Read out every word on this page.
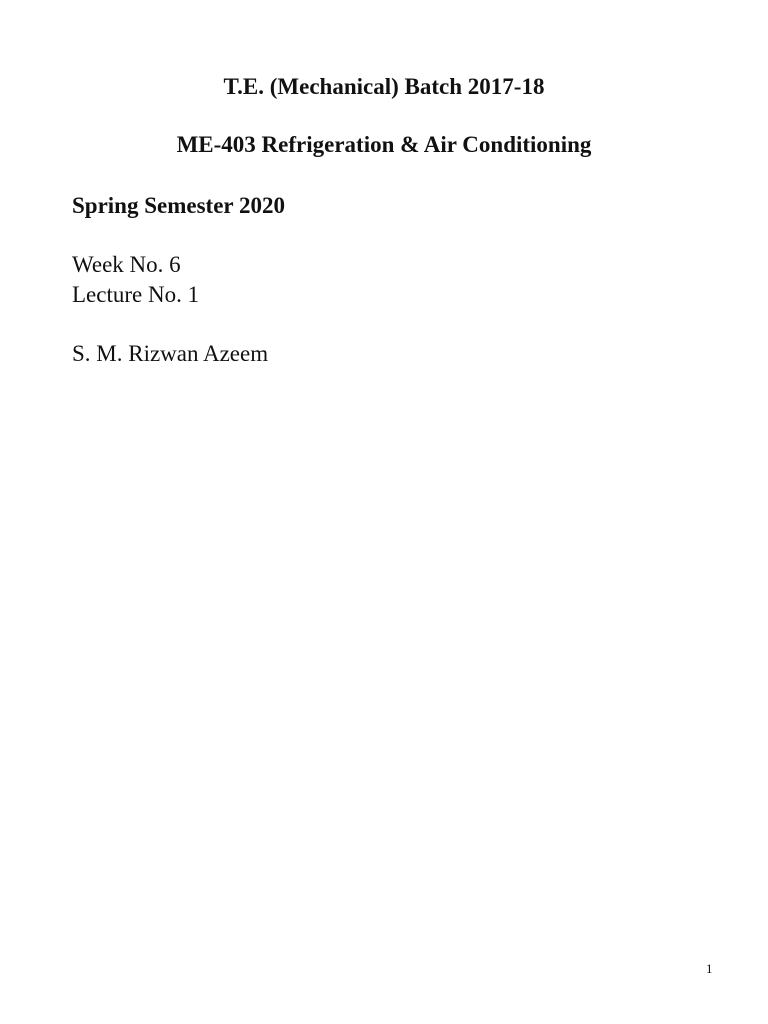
T.E. (Mechanical) Batch 2017-18
ME-403 Refrigeration & Air Conditioning
Spring Semester 2020
Week No. 6
Lecture No. 1
S. M. Rizwan Azeem
1
